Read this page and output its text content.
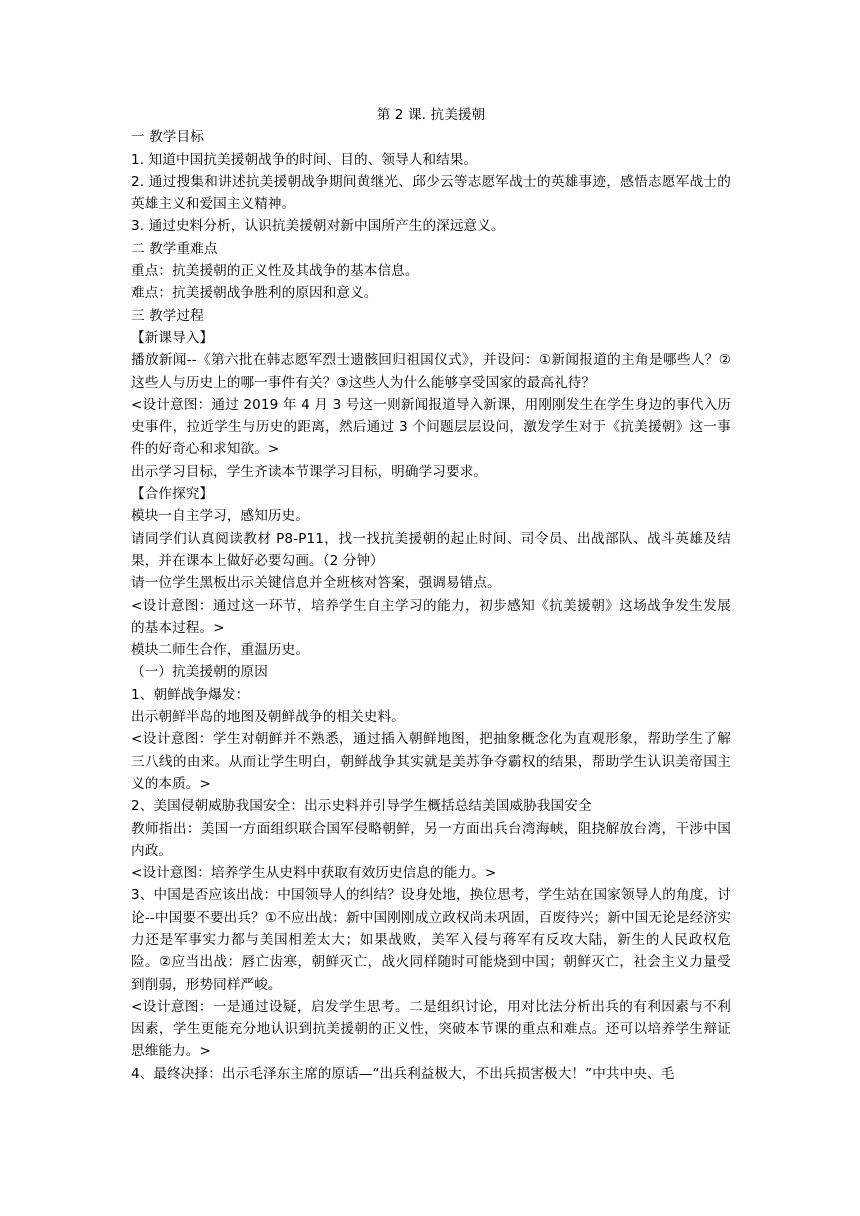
第 2 课. 抗美援朝

一 教学目标

1. 知道中国抗美援朝战争的时间、目的、领导人和结果。

2. 通过搜集和讲述抗美援朝战争期间黄继光、邱少云等志愿军战士的英雄事迹，感悟志愿军战士的英雄主义和爱国主义精神。

3. 通过史料分析，认识抗美援朝对新中国所产生的深远意义。

二 教学重难点

重点：抗美援朝的正义性及其战争的基本信息。

难点：抗美援朝战争胜利的原因和意义。

三 教学过程

【新课导入】

播放新闻--《第六批在韩志愿军烈士遗骸回归祖国仪式》，并设问：①新闻报道的主角是哪些人？②这些人与历史上的哪一事件有关？③这些人为什么能够享受国家的最高礼待？

<设计意图：通过 2019 年 4 月 3 号这一则新闻报道导入新课，用刚刚发生在学生身边的事代入历史事件，拉近学生与历史的距离，然后通过 3 个问题层层设问，激发学生对于《抗美援朝》这一事件的好奇心和求知欲。>

出示学习目标，学生齐读本节课学习目标，明确学习要求。

【合作探究】

模块一自主学习，感知历史。

请同学们认真阅读教材 P8-P11，找一找抗美援朝的起止时间、司令员、出战部队、战斗英雄及结果，并在课本上做好必要勾画。（2 分钟）

请一位学生黑板出示关键信息并全班核对答案，强调易错点。

<设计意图：通过这一环节，培养学生自主学习的能力，初步感知《抗美援朝》这场战争发生发展的基本过程。>

模块二师生合作，重温历史。

（一）抗美援朝的原因

1、朝鲜战争爆发：

出示朝鲜半岛的地图及朝鲜战争的相关史料。

<设计意图：学生对朝鲜并不熟悉，通过插入朝鲜地图，把抽象概念化为直观形象，帮助学生了解三八线的由来。从而让学生明白，朝鲜战争其实就是美苏争夺霸权的结果，帮助学生认识美帝国主义的本质。>

2、美国侵朝威胁我国安全：出示史料并引导学生概括总结美国威胁我国安全

教师指出：美国一方面组织联合国军侵略朝鲜，另一方面出兵台湾海峡，阻挠解放台湾，干涉中国内政。

<设计意图：培养学生从史料中获取有效历史信息的能力。>

3、中国是否应该出战：中国领导人的纠结？设身处地，换位思考，学生站在国家领导人的角度，讨论--中国要不要出兵？①不应出战：新中国刚刚成立政权尚未巩固，百废待兴；新中国无论是经济实力还是军事实力都与美国相差太大；如果战败，美军入侵与蒋军有反攻大陆，新生的人民政权危险。②应当出战：唇亡齿寒，朝鲜灭亡，战火同样随时可能烧到中国；朝鲜灭亡，社会主义力量受到削弱，形势同样严峻。

<设计意图：一是通过设疑，启发学生思考。二是组织讨论，用对比法分析出兵的有利因素与不利因素，学生更能充分地认识到抗美援朝的正义性，突破本节课的重点和难点。还可以培养学生辩证思维能力。>

4、最终决择：出示毛泽东主席的原话—“出兵利益极大，不出兵损害极大！”中共中央、毛
